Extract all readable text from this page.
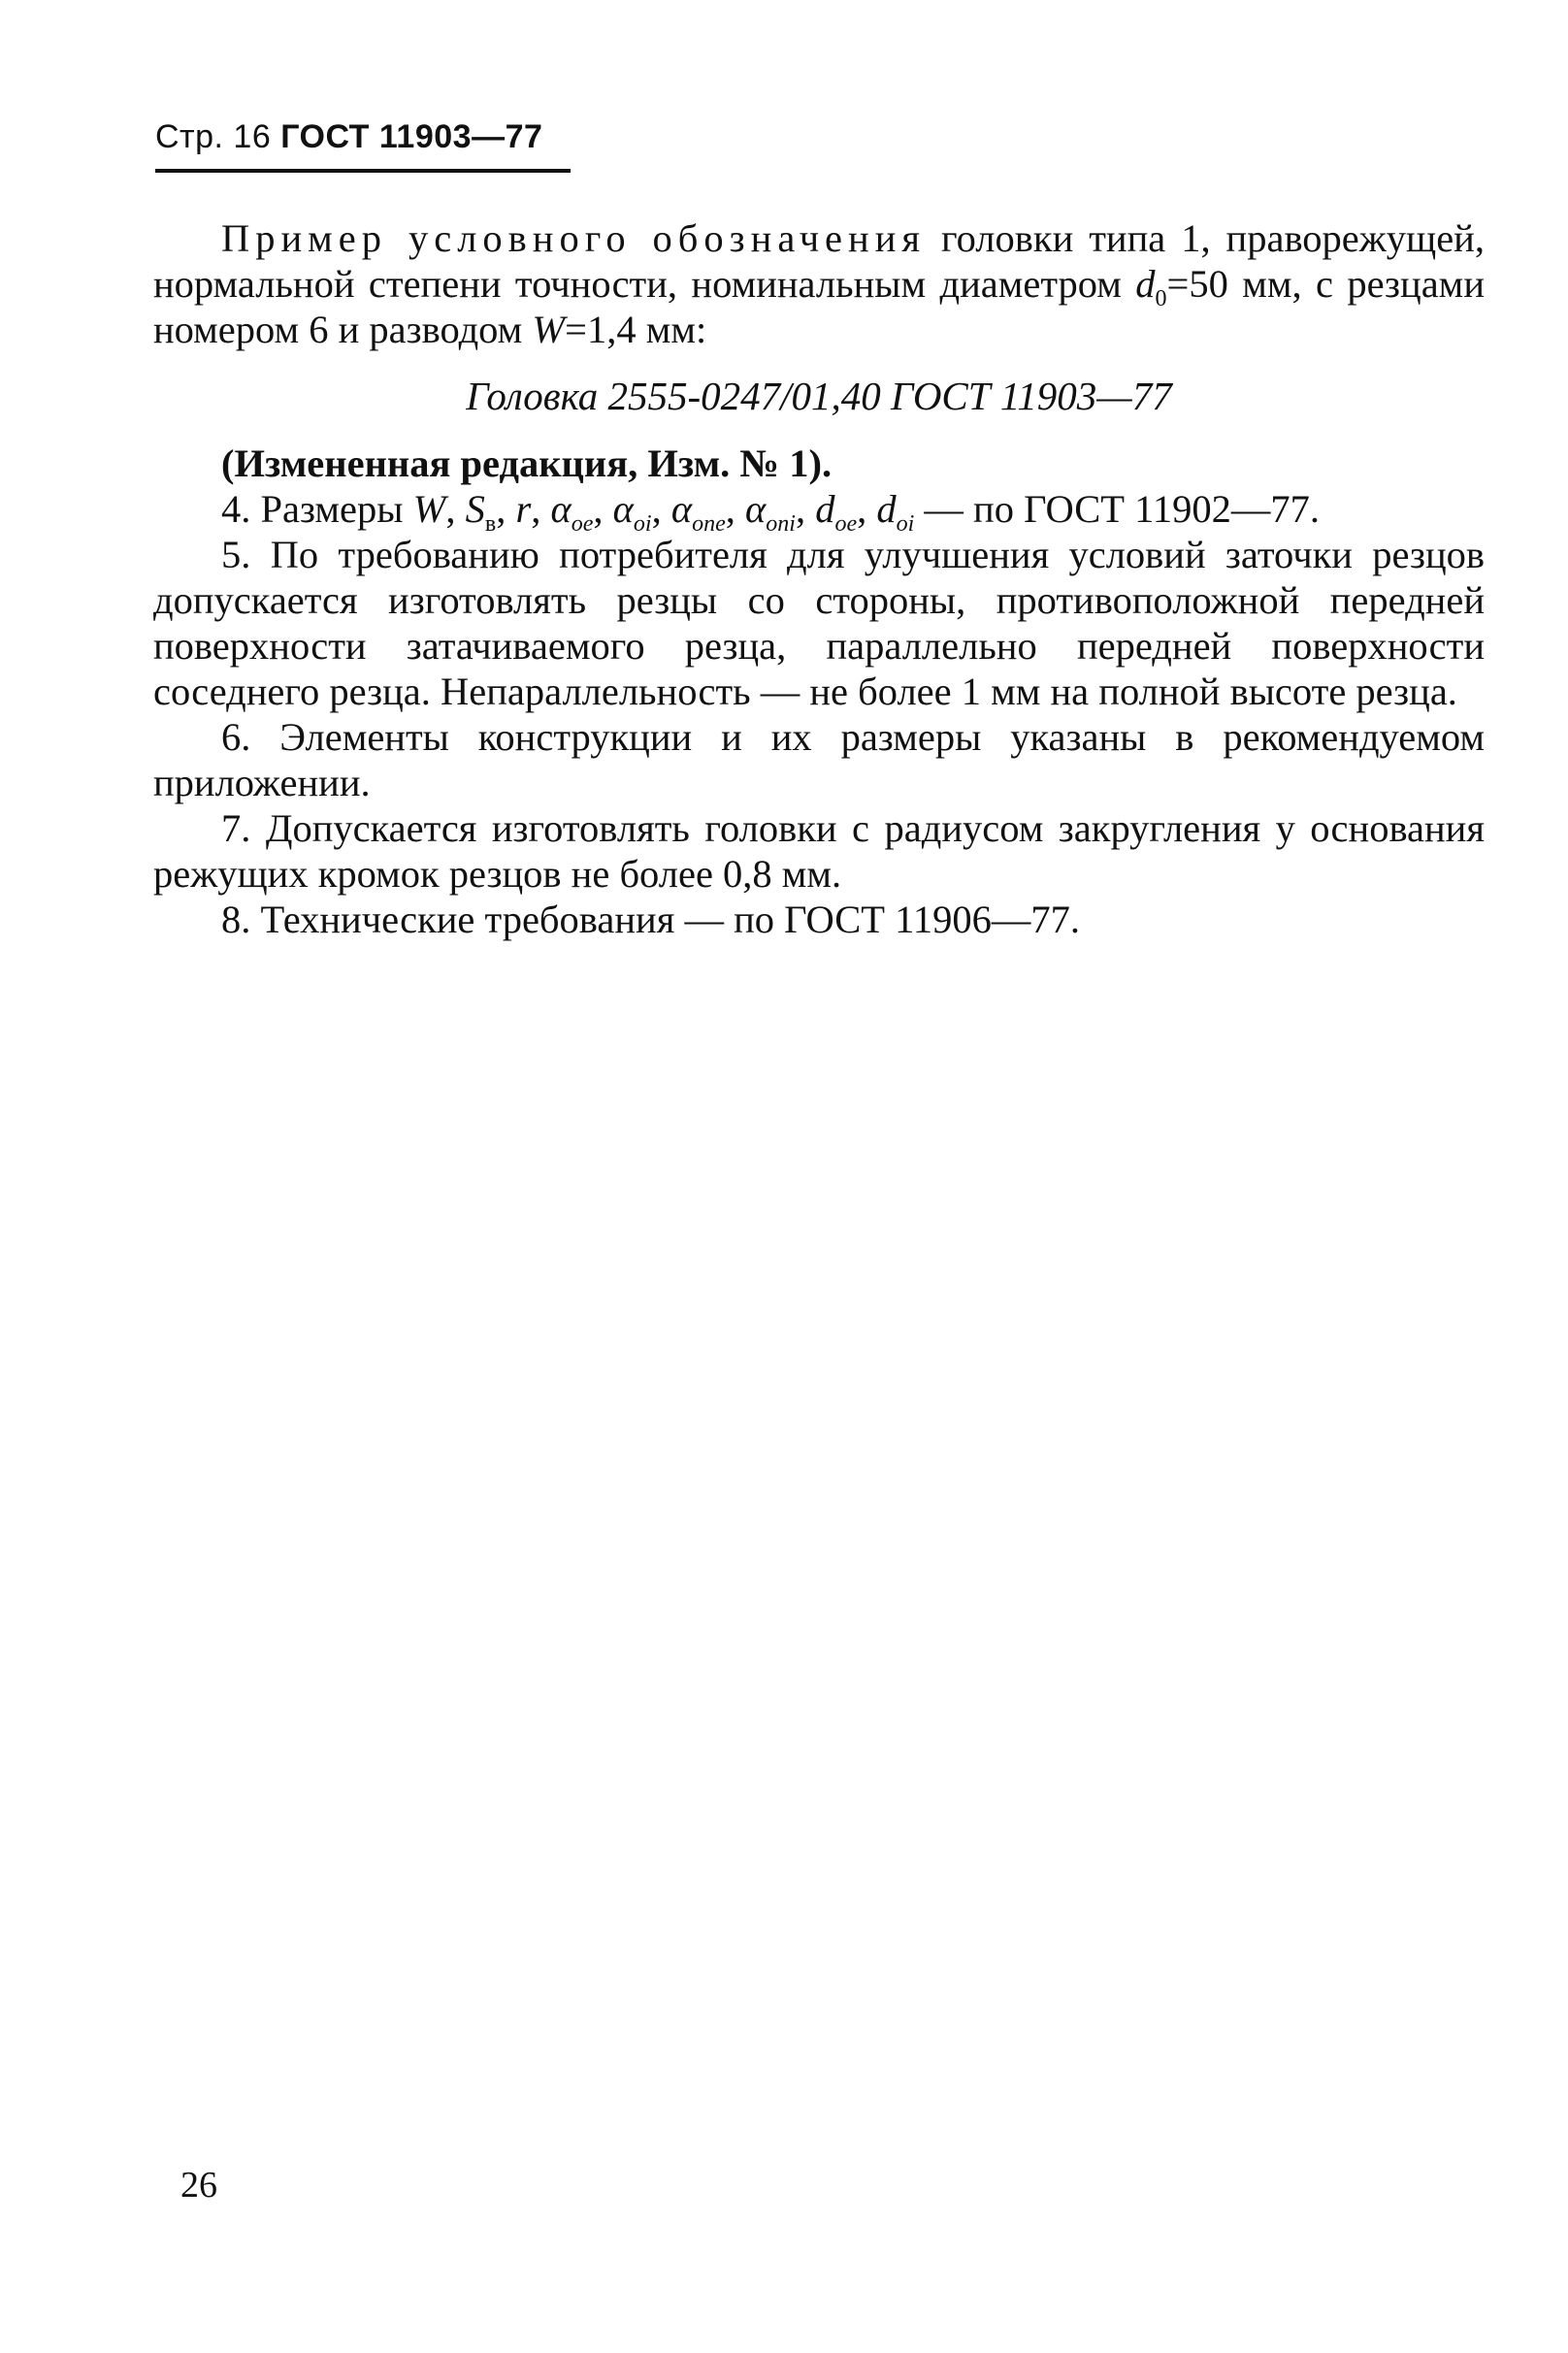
Стр. 16 ГОСТ 11903—77

Пример условного обозначения головки типа 1, праворежущей, нормальной степени точности, номинальным диаметром $d_0=50$ мм, с резцами номером 6 и разводом W=1,4 мм:

Головка 2555-0247/01,40 ГОСТ 11903—77

(Измененная редакция, Изм. № 1).

4. Размеры W, $S_в$, r, $\alpha_{oe}$, $\alpha_{oi}$, $\alpha_{one}$, $\alpha_{oni}$, $d_{oe}$, $d_{oi}$ — по ГОСТ 11902—77.

5. По требованию потребителя для улучшения условий заточки резцов допускается изготовлять резцы со стороны, противоположной передней поверхности затачиваемого резца, параллельно передней поверхности соседнего резца. Непараллельность — не более 1 мм на полной высоте резца.

6. Элементы конструкции и их размеры указаны в рекомендуемом приложении.

7. Допускается изготовлять головки с радиусом закругления у основания режущих кромок резцов не более 0,8 мм.

8. Технические требования — по ГОСТ 11906—77.

26
